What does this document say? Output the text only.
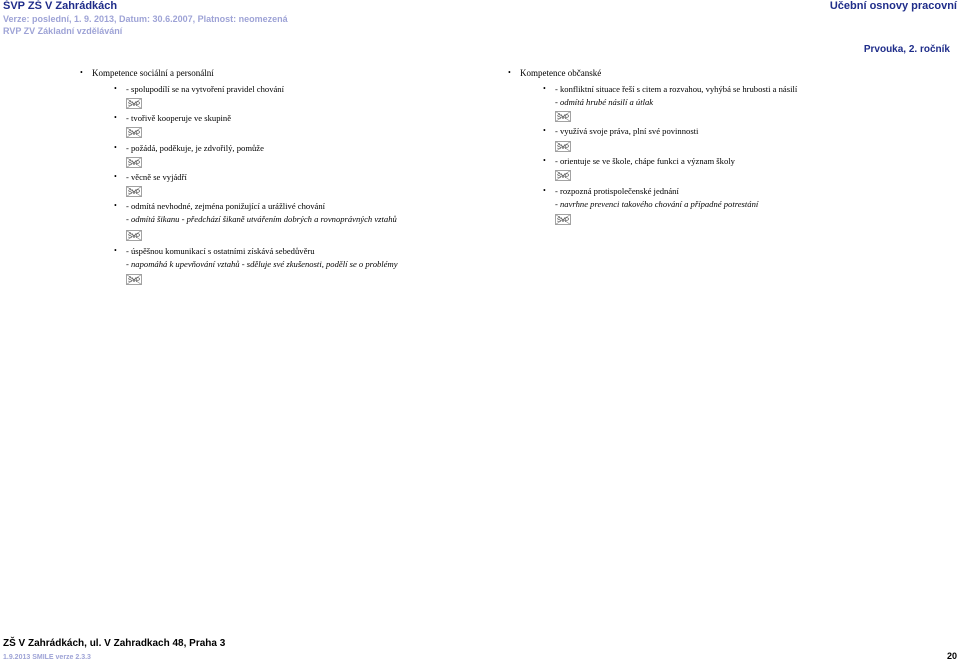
ŠVP ZŠ V Zahrádkách
Verze: poslední, 1. 9. 2013, Datum: 30.6.2007, Platnost: neomezená
RVP ZV Základní vzdělávání
Učební osnovy pracovní
Prvouka, 2. ročník
• Kompetence sociální a personální
• - spolupodílí se na vytvoření pravidel chování
ŠVP
• - tvořivě kooperuje ve skupině
ŠVP
• - požádá, poděkuje, je zdvořilý, pomůže
ŠVP
• - věcně se vyjádří
ŠVP
• - odmítá nevhodné, zejména ponižující a urážlivé chování
- odmítá šikanu - předchází šikaně utvářením dobrých a rovnoprávných vztahů
ŠVP
• - úspěšnou komunikací s ostatními získává sebedůvěru
- napomáhá k upevňování vztahů - sděluje své zkušenosti, podělí se o problémy
ŠVP
• Kompetence občanské
• - konfliktní situace řeší s citem a rozvahou, vyhýbá se hrubosti a násilí
- odmítá hrubé násilí a útlak
ŠVP
• - využívá svoje práva, plní své povinnosti
ŠVP
• - orientuje se ve škole, chápe funkci a význam školy
ŠVP
• - rozpozná protispolečenské jednání
- navrhne prevenci takového chování a případné potrestání
ŠVP
ZŠ V Zahrádkách, ul. V Zahradkach 48, Praha 3
1.9.2013 SMILE verze 2.3.3	20
